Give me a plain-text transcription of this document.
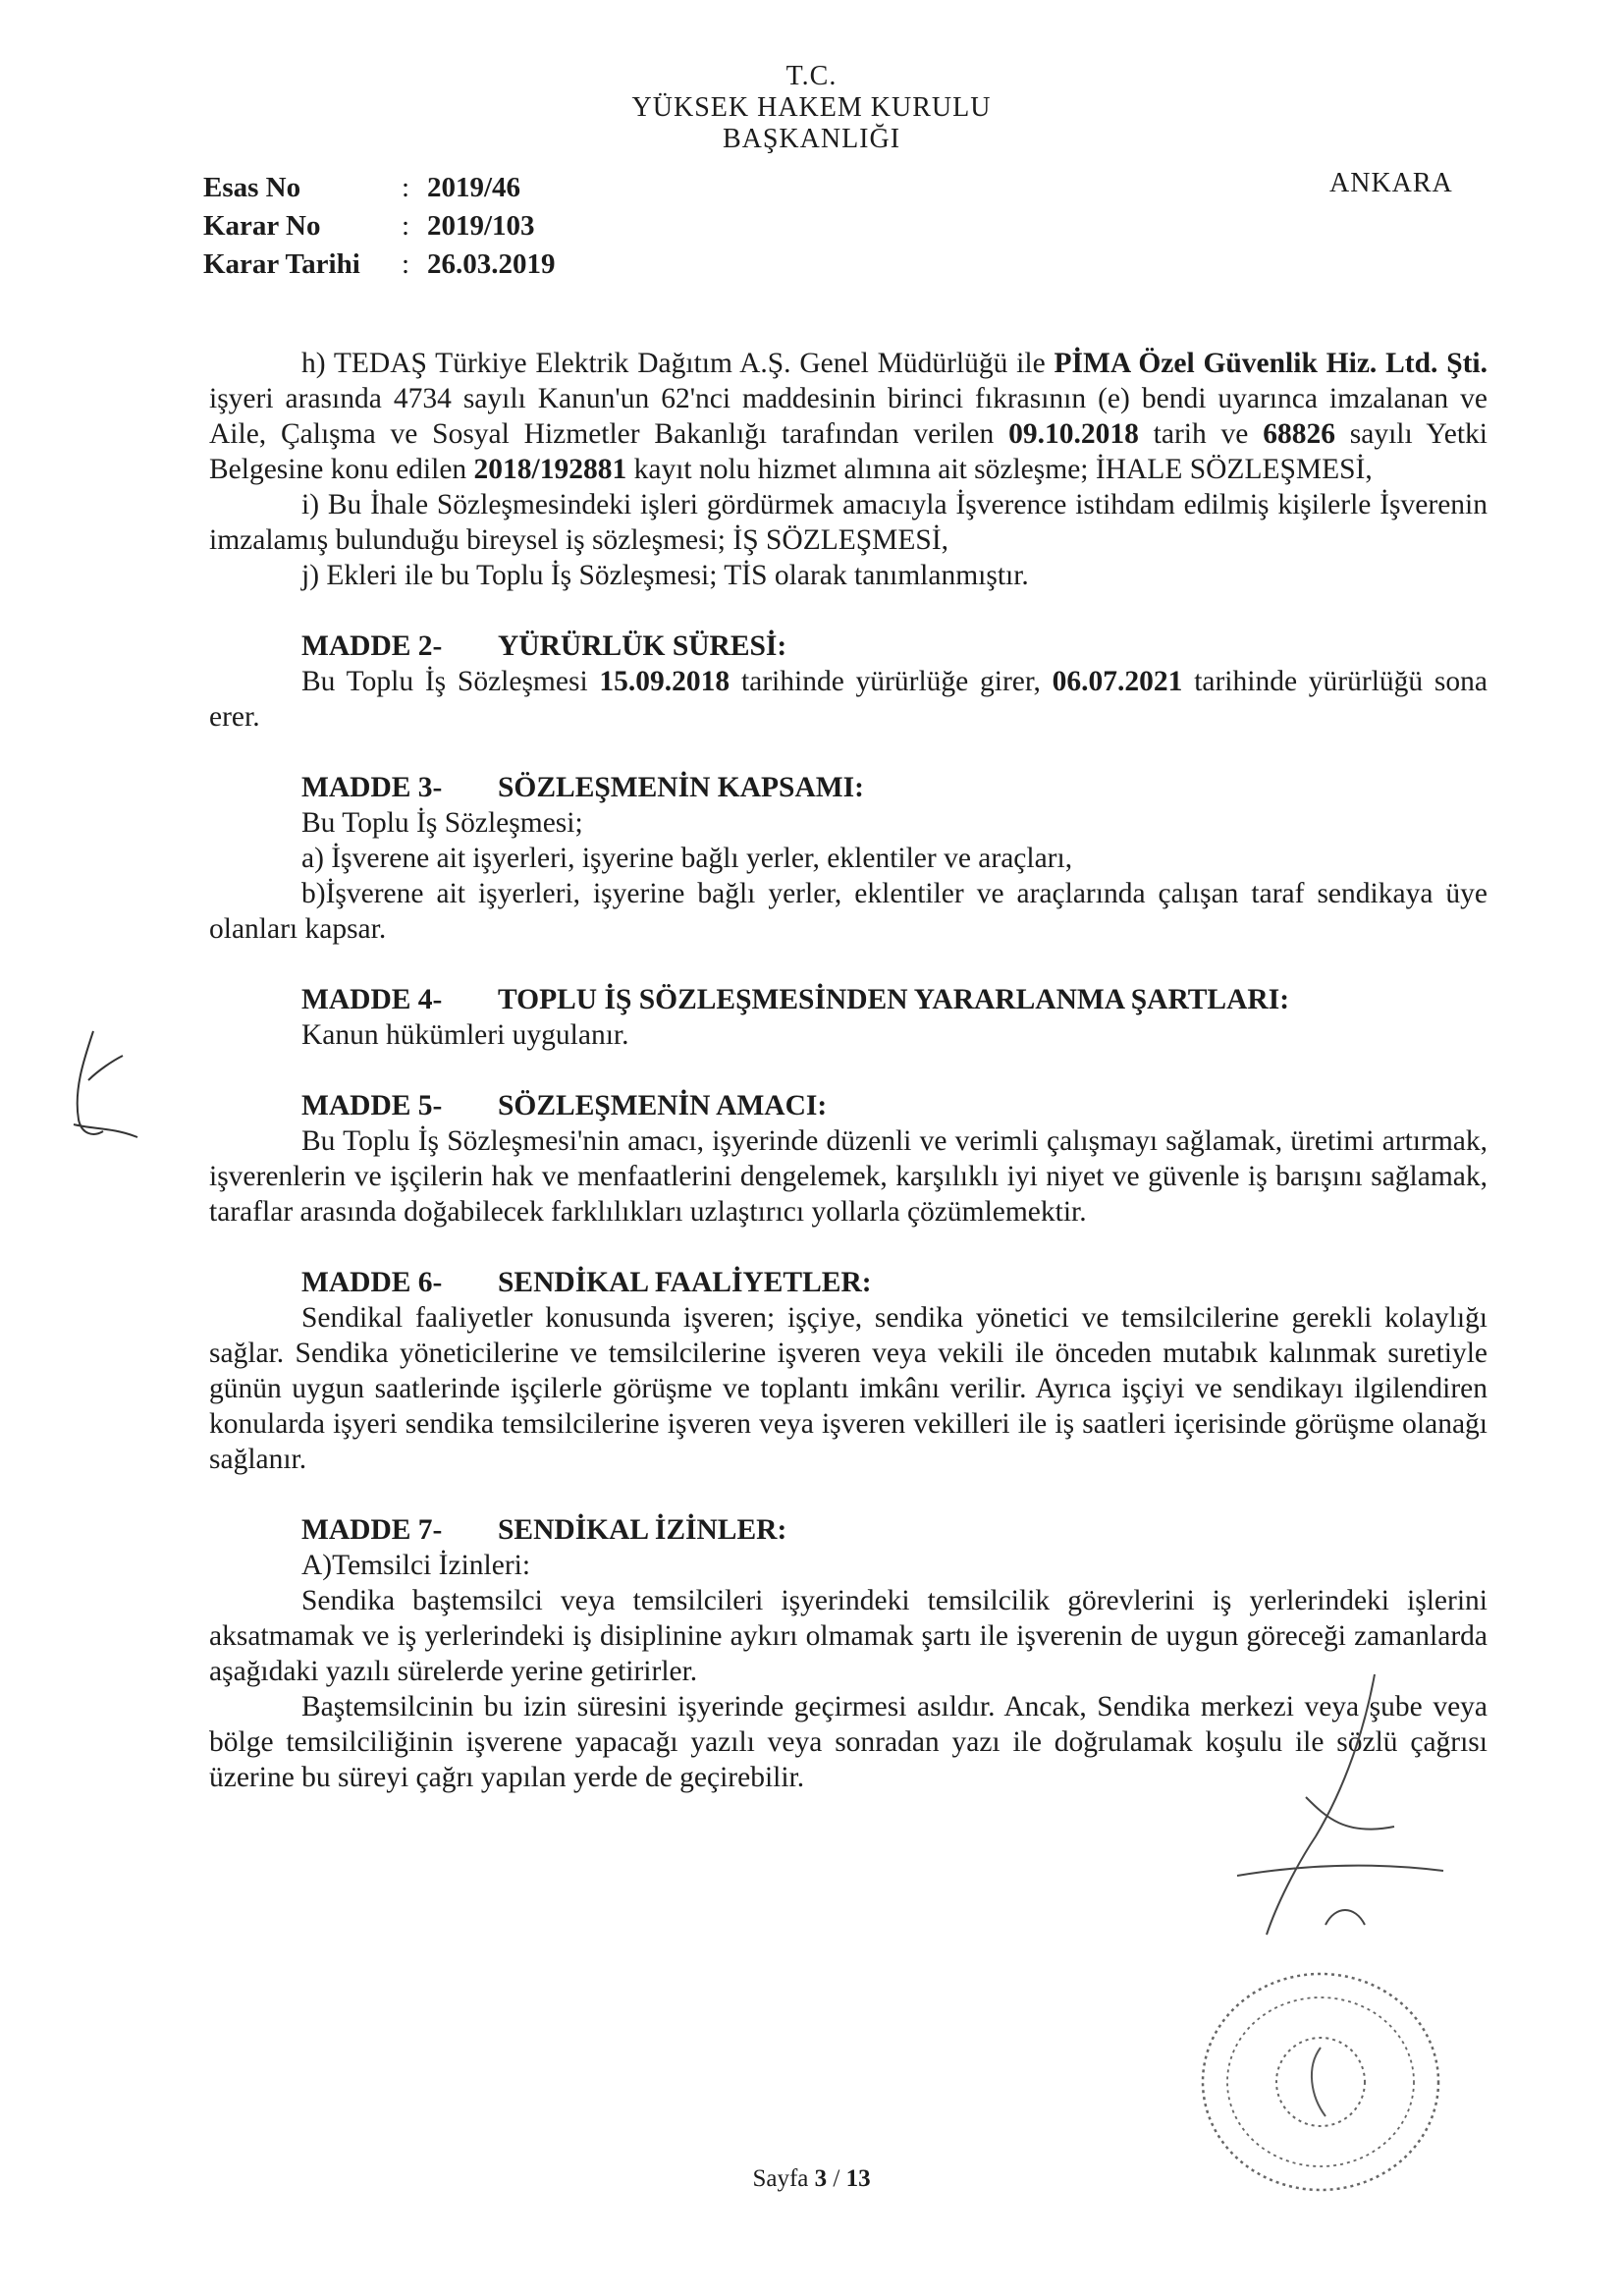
T.C.
YÜKSEK HAKEM KURULU
BAŞKANLIĞI
ANKARA
Esas No	: 2019/46
Karar No	: 2019/103
Karar Tarihi : 26.03.2019

h) TEDAŞ Türkiye Elektrik Dağıtım A.Ş. Genel Müdürlüğü ile PİMA Özel Güvenlik Hiz. Ltd. Şti. işyeri arasında 4734 sayılı Kanun'un 62'nci maddesinin birinci fıkrasının (e) bendi uyarınca imzalanan ve Aile, Çalışma ve Sosyal Hizmetler Bakanlığı tarafından verilen 09.10.2018 tarih ve 68826 sayılı Yetki Belgesine konu edilen 2018/192881 kayıt nolu hizmet alımına ait sözleşme; İHALE SÖZLEŞMESİ,

i) Bu İhale Sözleşmesindeki işleri gördürmek amacıyla İşverence istihdam edilmiş kişilerle İşverenin imzalamış bulunduğu bireysel iş sözleşmesi; İŞ SÖZLEŞMESİ,

j) Ekleri ile bu Toplu İş Sözleşmesi; TİS olarak tanımlanmıştır.

MADDE 2- YÜRÜRLÜK SÜRESİ:

Bu Toplu İş Sözleşmesi 15.09.2018 tarihinde yürürlüğe girer, 06.07.2021 tarihinde yürürlüğü sona erer.

MADDE 3- SÖZLEŞMENİN KAPSAMI:

Bu Toplu İş Sözleşmesi;

a) İşverene ait işyerleri, işyerine bağlı yerler, eklentiler ve araçları,

b)İşverene ait işyerleri, işyerine bağlı yerler, eklentiler ve araçlarında çalışan taraf sendikaya üye olanları kapsar.

MADDE 4- TOPLU İŞ SÖZLEŞMESİNDEN YARARLANMA ŞARTLARI:

Kanun hükümleri uygulanır.

MADDE 5- SÖZLEŞMENİN AMACI:

Bu Toplu İş Sözleşmesi'nin amacı, işyerinde düzenli ve verimli çalışmayı sağlamak, üretimi artırmak, işverenlerin ve işçilerin hak ve menfaatlerini dengelemek, karşılıklı iyi niyet ve güvenle iş barışını sağlamak, taraflar arasında doğabilecek farklılıkları uzlaştırıcı yollarla çözümlemektir.

MADDE 6- SENDİKAL FAALİYETLER:

Sendikal faaliyetler konusunda işveren; işçiye, sendika yönetici ve temsilcilerine gerekli kolaylığı sağlar. Sendika yöneticilerine ve temsilcilerine işveren veya vekili ile önceden mutabık kalınmak suretiyle günün uygun saatlerinde işçilerle görüşme ve toplantı imkânı verilir. Ayrıca işçiyi ve sendikayı ilgilendiren konularda işyeri sendika temsilcilerine işveren veya işveren vekilleri ile iş saatleri içerisinde görüşme olanağı sağlanır.

MADDE 7- SENDİKAL İZİNLER:

A)Temsilci İzinleri:

Sendika baştemsilci veya temsilcileri işyerindeki temsilcilik görevlerini iş yerlerindeki işlerini aksatmamak ve iş yerlerindeki iş disiplinine aykırı olmamak şartı ile işverenin de uygun göreceği zamanlarda aşağıdaki yazılı sürelerde yerine getirirler.

Baştemsilcinin bu izin süresini işyerinde geçirmesi asıldır. Ancak, Sendika merkezi veya şube veya bölge temsilciliğinin işverene yapacağı yazılı veya sonradan yazı ile doğrulamak koşulu ile sözlü çağrısı üzerine bu süreyi çağrı yapılan yerde de geçirebilir.

Sayfa 3 / 13
